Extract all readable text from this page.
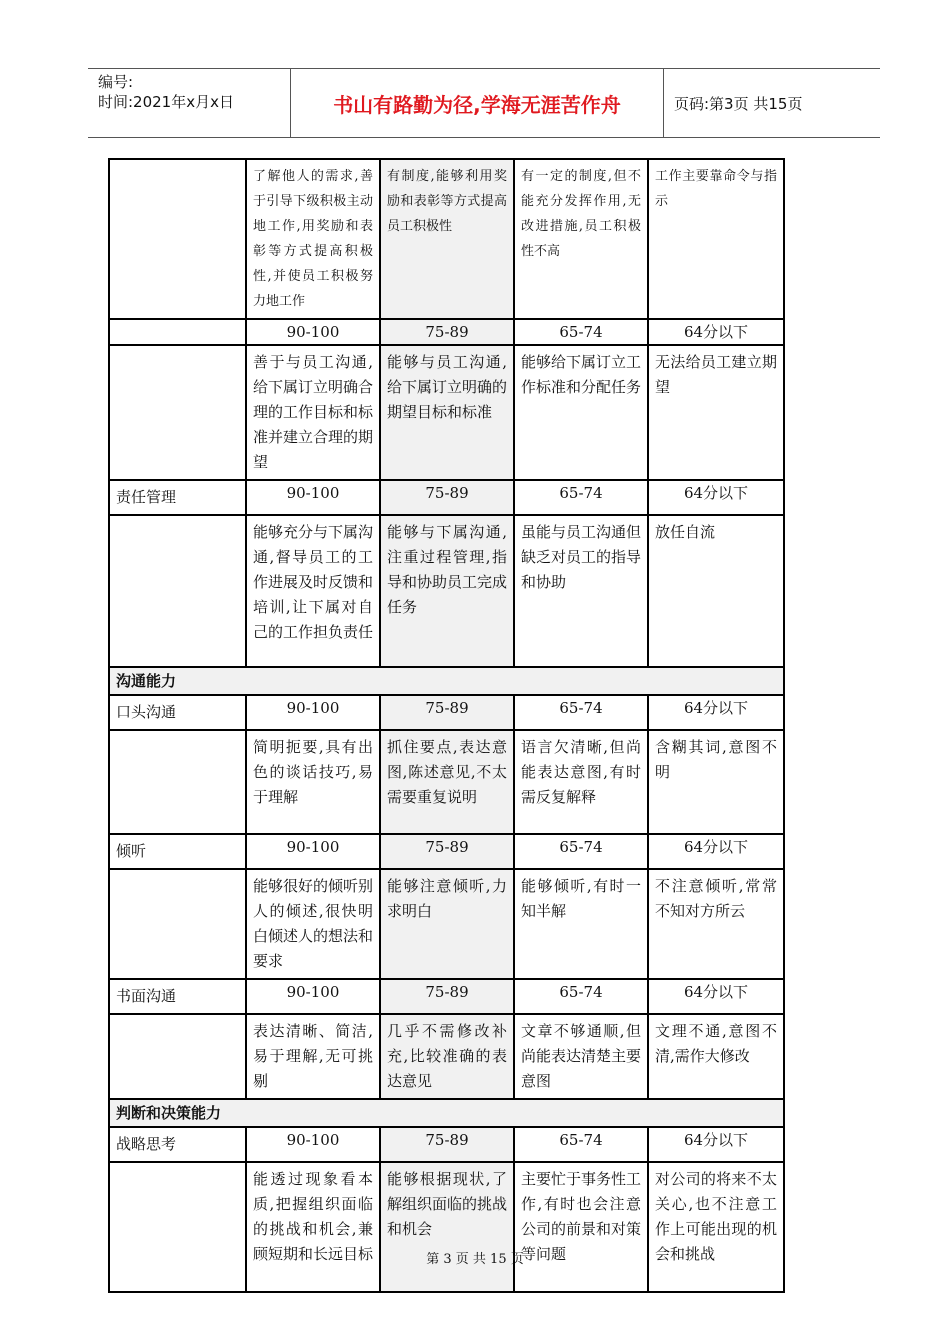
编号:
时间:2021年x月x日	书山有路勤为径,学海无涯苦作舟	页码:第3页 共15页
	了解他人的需求,善于引导下级积极主动地工作,用奖励和表彰等方式提高积极性,并使员工积极努力地工作	有制度,能够利用奖励和表彰等方式提高员工积极性	有一定的制度,但不能充分发挥作用,无改进措施,员工积极性不高	工作主要靠命令与指示
	90-100	75-89	65-74	64分以下
	善于与员工沟通,给下属订立明确合理的工作目标和标准并建立合理的期望	能够与员工沟通,给下属订立明确的期望目标和标准	能够给下属订立工作标准和分配任务	无法给员工建立期望
责任管理	90-100	75-89	65-74	64分以下
	能够充分与下属沟通,督导员工的工作进展及时反馈和培训,让下属对自己的工作担负责任	能够与下属沟通,注重过程管理,指导和协助员工完成任务	虽能与员工沟通但缺乏对员工的指导和协助	放任自流
沟通能力				
口头沟通	90-100	75-89	65-74	64分以下
	简明扼要,具有出色的谈话技巧,易于理解	抓住要点,表达意图,陈述意见,不太需要重复说明	语言欠清晰,但尚能表达意图,有时需反复解释	含糊其词,意图不明
倾听	90-100	75-89	65-74	64分以下
	能够很好的倾听别人的倾述,很快明白倾述人的想法和要求	能够注意倾听,力求明白	能够倾听,有时一知半解	不注意倾听,常常不知对方所云
书面沟通	90-100	75-89	65-74	64分以下
	表达清晰、简洁,易于理解,无可挑剔	几乎不需修改补充,比较准确的表达意见	文章不够通顺,但尚能表达清楚主要意图	文理不通,意图不清,需作大修改
判断和决策能力				
战略思考	90-100	75-89	65-74	64分以下
	能透过现象看本质,把握组织面临的挑战和机会,兼顾短期和长远目标	能够根据现状,了解组织面临的挑战和机会	主要忙于事务性工作,有时也会注意公司的前景和对策等问题	对公司的将来不太关心,也不注意工作上可能出现的机会和挑战
第 3 页 共 15 页
